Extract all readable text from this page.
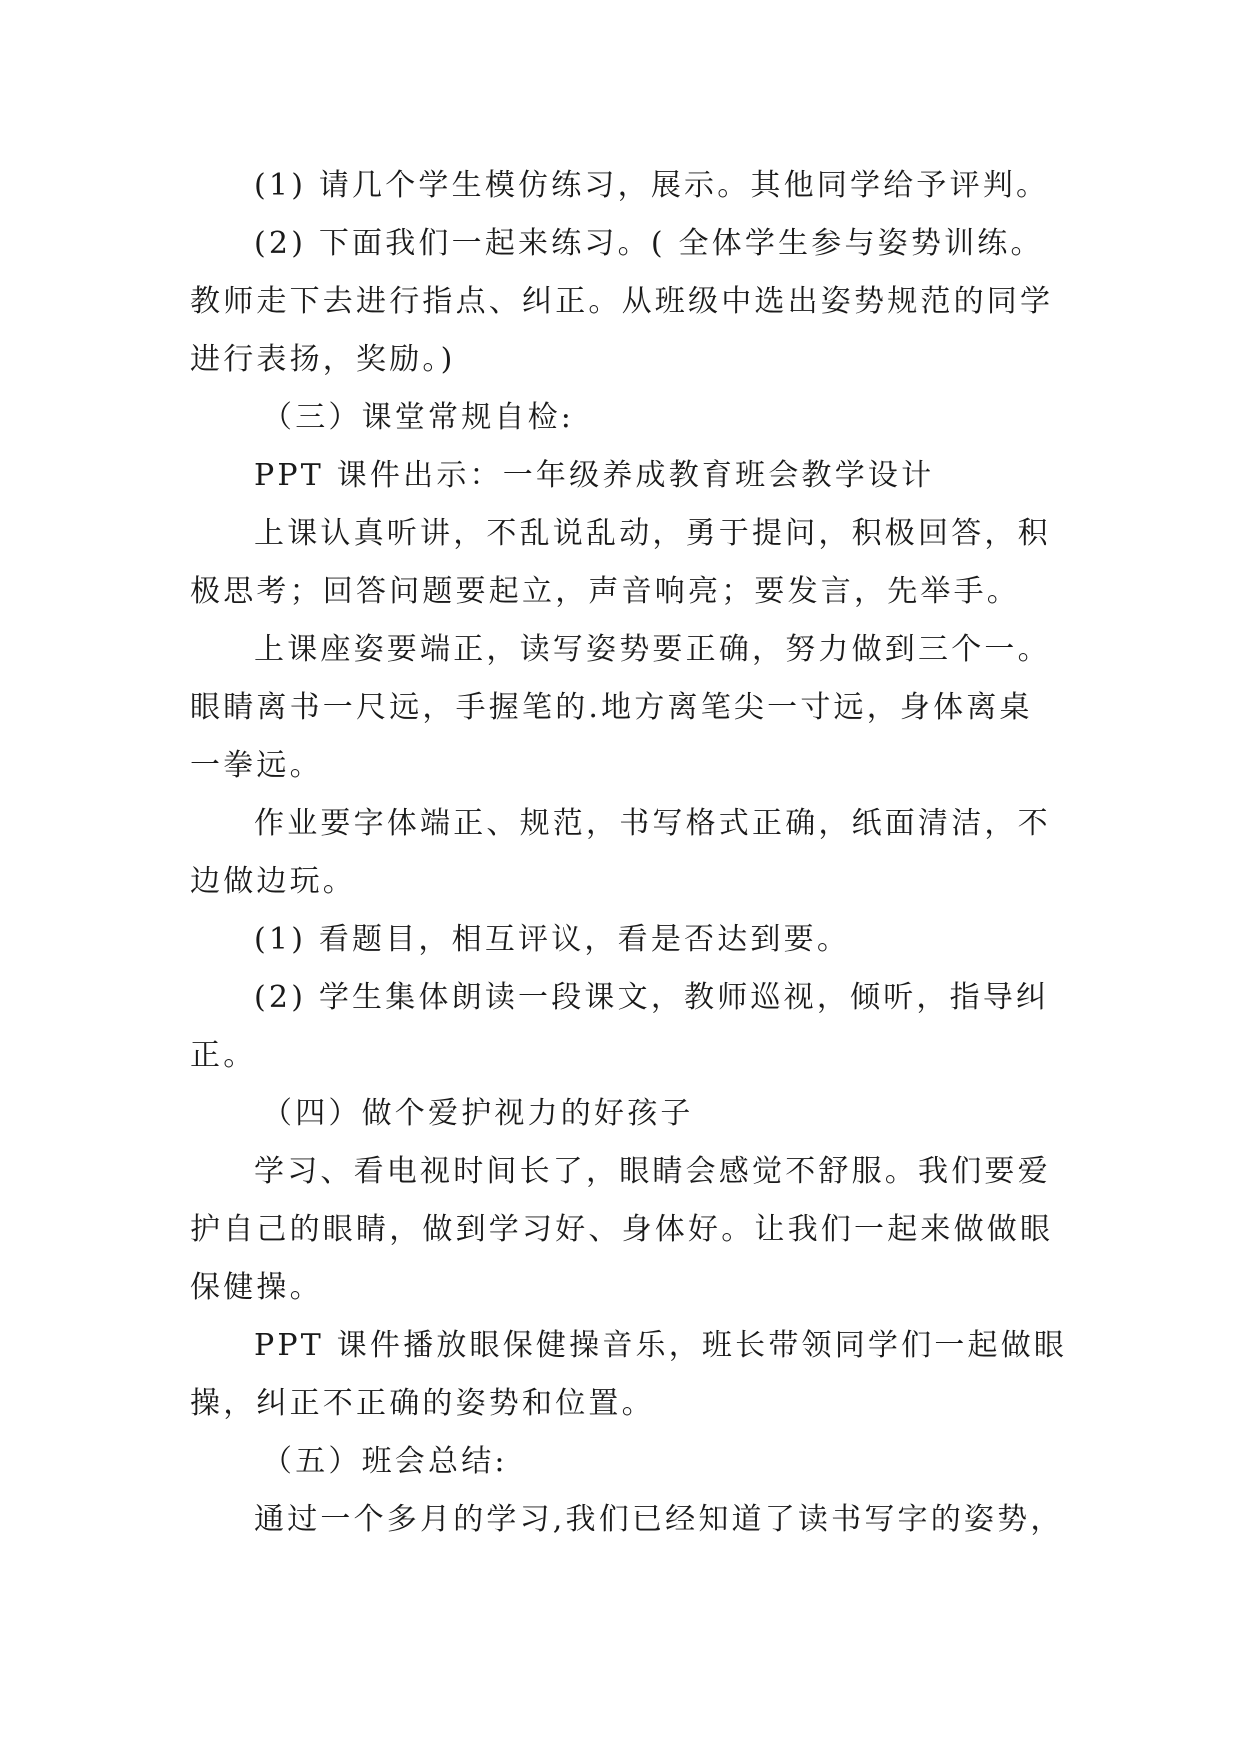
(1) 请几个学生模仿练习，展示。其他同学给予评判。
(2) 下面我们一起来练习。( 全体学生参与姿势训练。
教师走下去进行指点、纠正。从班级中选出姿势规范的同学
进行表扬，奖励。)
（三）课堂常规自检:
PPT 课件出示：一年级养成教育班会教学设计
上课认真听讲，不乱说乱动，勇于提问，积极回答，积
极思考；回答问题要起立，声音响亮；要发言，先举手。
上课座姿要端正，读写姿势要正确，努力做到三个一。
眼睛离书一尺远，手握笔的.地方离笔尖一寸远，身体离桌
一拳远。
作业要字体端正、规范，书写格式正确，纸面清洁，不
边做边玩。
(1) 看题目，相互评议，看是否达到要。
(2) 学生集体朗读一段课文，教师巡视，倾听，指导纠
正。
（四）做个爱护视力的好孩子
学习、看电视时间长了，眼睛会感觉不舒服。我们要爱
护自己的眼睛，做到学习好、身体好。让我们一起来做做眼
保健操。
PPT 课件播放眼保健操音乐，班长带领同学们一起做眼
操，纠正不正确的姿势和位置。
（五）班会总结:
通过一个多月的学习,我们已经知道了读书写字的姿势，
